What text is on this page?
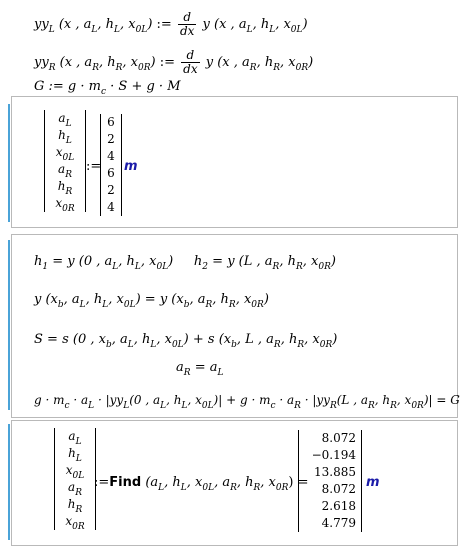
$yy_L$ (x , $a_L$, $h_L$, $x_{0L}$) := $\frac{d}{dx}$ y (x , $a_L$, $h_L$, $x_{0L}$)
$yy_R$ (x , $a_R$, $h_R$, $x_{0R}$) := $\frac{d}{dx}$ y (x , $a_R$, $h_R$, $x_{0R}$)
G := $g \cdot m_c \cdot S + g \cdot M$
$a_L$
$h_L$
$x_{0L}$
$a_R$
$h_R$
$x_{0R}$
:=
6
2
4
6
2
4
m
$h_1 = y$ (0 , $a_L$, $h_L$, $x_{0L}$) $h_2 = y$ (L , $a_R$, $h_R$, $x_{0R}$)
y ($x_b$, $a_L$, $h_L$, $x_{0L}) = y$ ($x_b$, $a_R$, $h_R$, $x_{0R}$)
S = s (0 , $x_b$, $a_L$, $h_L$, $x_{0L}) + s$ ($x_b$, L , $a_R$, $h_R$, $x_{0R}$)
$a_R = a_L$
$g \cdot m_c \cdot a_L \cdot |yy_L(0$ , $a_L$, $h_L$, $x_{0L})| + g \cdot m_c \cdot a_R \cdot |yy_R(L$ , $a_R$, $h_R$, $x_{0R})| = G$
$a_L$
$h_L$
$x_{0L}$
$a_R$
$h_R$
$x_{0R}$
:=Find ($a_L$, $h_L$, $x_{0L}$, $a_R$, $h_R$, $x_{0R}$) =
8.072
−0.194
13.885
8.072
2.618
4.779
m
